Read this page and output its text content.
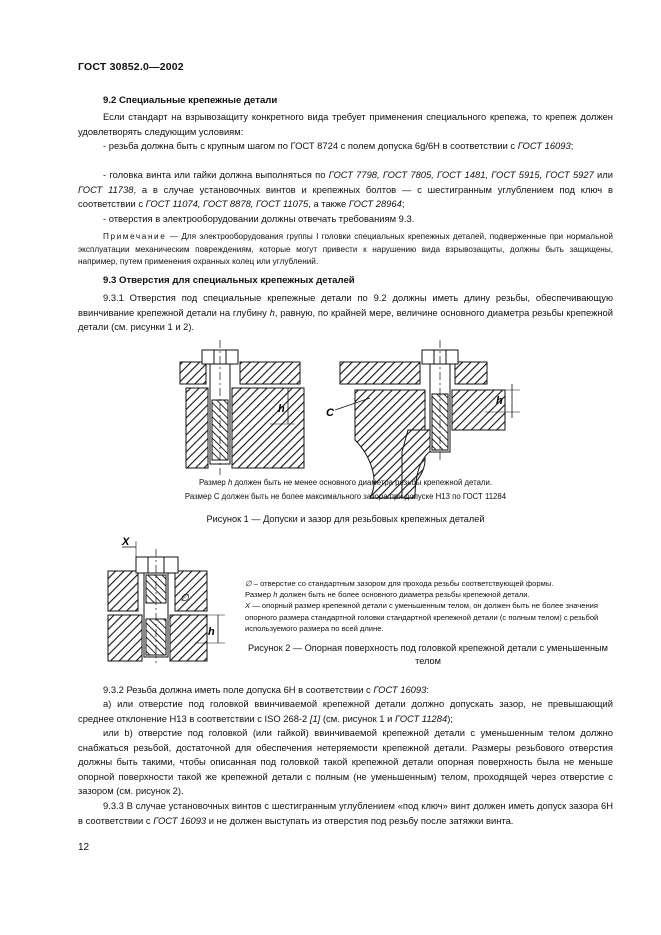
ГОСТ 30852.0—2002
9.2 Специальные крепежные детали

Если стандарт на взрывозащиту конкретного вида требует применения специального крепежа, то крепеж должен удовлетворять следующим условиям:

- резьба должна быть с крупным шагом по ГОСТ 8724 с полем допуска 6g/6H в соответствии с ГОСТ 16093;

- головка винта или гайки должна выполняться по ГОСТ 7798, ГОСТ 7805, ГОСТ 1481, ГОСТ 5915, ГОСТ 5927 или ГОСТ 11738, а в случае установочных винтов и крепежных болтов — с шестигранным углублением под ключ в соответствии с ГОСТ 11074, ГОСТ 8878, ГОСТ 11075, а также ГОСТ 28964;

- отверстия в электрооборудовании должны отвечать требованиям 9.3.

Примечание — Для электрооборудования группы I головки специальных крепежных деталей, подверженные при нормальной эксплуатации механическим повреждениям, которые могут привести к нарушению вида взрывозащиты, должны быть защищены, например, путем применения охранных колец или углублений.

9.3 Отверстия для специальных крепежных деталей

9.3.1 Отверстия под специальные крепежные детали по 9.2 должны иметь длину резьбы, обеспечивающую ввинчивание крепежной детали на глубину h, равную, по крайней мере, величине основного диаметра резьбы крепежной детали (см. рисунки 1 и 2).

h
h
C
Размер h должен быть не менее основного диаметра резьбы крепежной детали.
Размер С должен быть не более максимального зазора при допуске Н13 по ГОСТ 11284
Рисунок 1 — Допуски и зазор для резьбовых крепежных деталей
X
∅
h

∅ – отверстие со стандартным зазором для прохода резьбы соответствующей формы.
Размер h должен быть не более основного диаметра резьбы крепежной детали.
X — опорный размер крепежной детали с уменьшенным телом, он должен быть не более значения опорного размера стандартной головки стандартной крепежной детали (с полным телом) с резьбой используемого размера по всей длине.

Рисунок 2 — Опорная поверхность под головкой крепежной детали с уменьшенным телом

9.3.2 Резьба должна иметь поле допуска 6Н в соответствии с ГОСТ 16093:

а) или отверстие под головкой ввинчиваемой крепежной детали должно допускать зазор, не превышающий среднее отклонение Н13 в соответствии с ISO 268-2 [1] (см. рисунок 1 и ГОСТ 11284);

или b) отверстие под головкой (или гайкой) ввинчиваемой крепежной детали с уменьшенным телом должно снабжаться резьбой, достаточной для обеспечения нетеряемости крепежной детали. Размеры резьбового отверстия должны быть такими, чтобы описанная под головкой такой крепежной детали опорная поверхность была не меньше опорной поверхности такой же крепежной детали с полным (не уменьшенным) телом, проходящей через отверстие с зазором (см. рисунок 2).

9.3.3 В случае установочных винтов с шестигранным углублением «под ключ» винт должен иметь допуск зазора 6Н в соответствии с ГОСТ 16093 и не должен выступать из отверстия под резьбу после затяжки винта.

12
